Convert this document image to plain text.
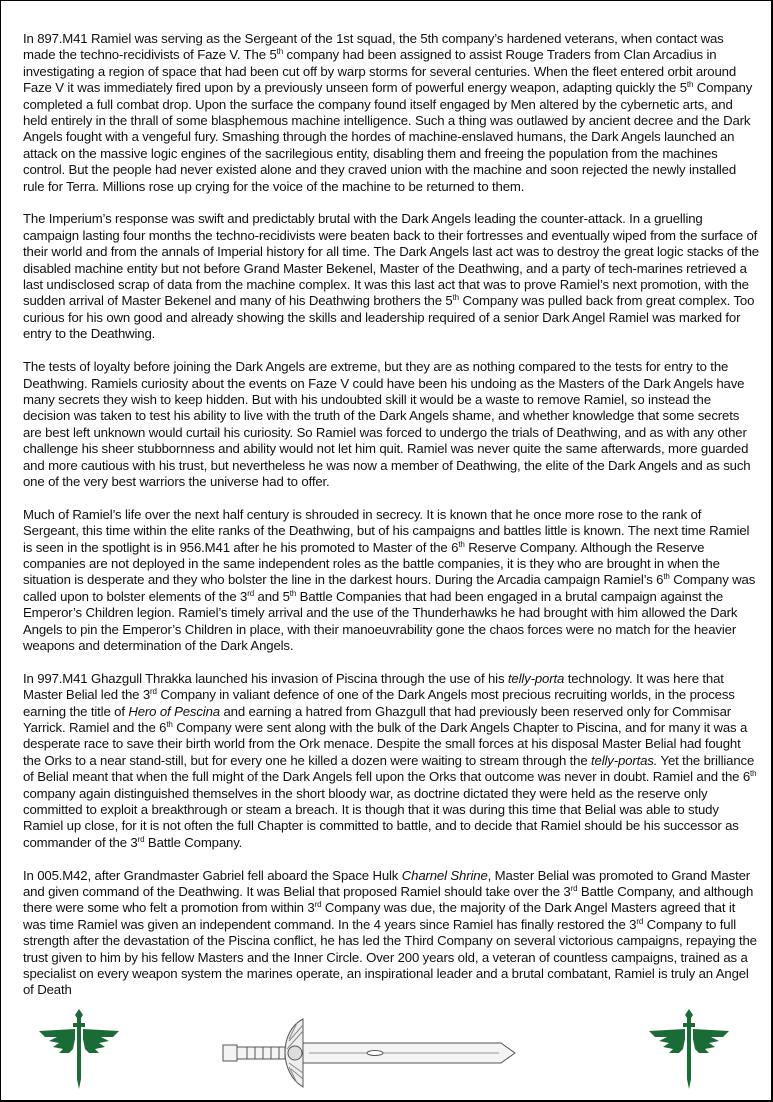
In 897.M41 Ramiel was serving as the Sergeant of the 1st squad, the 5th company’s hardened veterans, when contact was made the techno-recidivists of Faze V. The 5th company had been assigned to assist Rouge Traders from Clan Arcadius in investigating a region of space that had been cut off by warp storms for several centuries. When the fleet entered orbit around Faze V it was immediately fired upon by a previously unseen form of powerful energy weapon, adapting quickly the 5th Company completed a full combat drop. Upon the surface the company found itself engaged by Men altered by the cybernetic arts, and held entirely in the thrall of some blasphemous machine intelligence. Such a thing was outlawed by ancient decree and the Dark Angels fought with a vengeful fury. Smashing through the hordes of machine-enslaved humans, the Dark Angels launched an attack on the massive logic engines of the sacrilegious entity, disabling them and freeing the population from the machines control. But the people had never existed alone and they craved union with the machine and soon rejected the newly installed rule for Terra. Millions rose up crying for the voice of the machine to be returned to them.

The Imperium’s response was swift and predictably brutal with the Dark Angels leading the counter-attack. In a gruelling campaign lasting four months the techno-recidivists were beaten back to their fortresses and eventually wiped from the surface of their world and from the annals of Imperial history for all time. The Dark Angels last act was to destroy the great logic stacks of the disabled machine entity but not before Grand Master Bekenel, Master of the Deathwing, and a party of tech-marines retrieved a last undisclosed scrap of data from the machine complex. It was this last act that was to prove Ramiel’s next promotion, with the sudden arrival of Master Bekenel and many of his Deathwing brothers the 5th Company was pulled back from great complex. Too curious for his own good and already showing the skills and leadership required of a senior Dark Angel Ramiel was marked for entry to the Deathwing.

The tests of loyalty before joining the Dark Angels are extreme, but they are as nothing compared to the tests for entry to the Deathwing. Ramiels curiosity about the events on Faze V could have been his undoing as the Masters of the Dark Angels have many secrets they wish to keep hidden. But with his undoubted skill it would be a waste to remove Ramiel, so instead the decision was taken to test his ability to live with the truth of the Dark Angels shame, and whether knowledge that some secrets are best left unknown would curtail his curiosity. So Ramiel was forced to undergo the trials of Deathwing, and as with any other challenge his sheer stubbornness and ability would not let him quit. Ramiel was never quite the same afterwards, more guarded and more cautious with his trust, but nevertheless he was now a member of Deathwing, the elite of the Dark Angels and as such one of the very best warriors the universe had to offer.

Much of Ramiel’s life over the next half century is shrouded in secrecy. It is known that he once more rose to the rank of Sergeant, this time within the elite ranks of the Deathwing, but of his campaigns and battles little is known. The next time Ramiel is seen in the spotlight is in 956.M41 after he his promoted to Master of the 6th Reserve Company. Although the Reserve companies are not deployed in the same independent roles as the battle companies, it is they who are brought in when the situation is desperate and they who bolster the line in the darkest hours. During the Arcadia campaign Ramiel’s 6th Company was called upon to bolster elements of the 3rd and 5th Battle Companies that had been engaged in a brutal campaign against the Emperor’s Children legion. Ramiel’s timely arrival and the use of the Thunderhawks he had brought with him allowed the Dark Angels to pin the Emperor’s Children in place, with their manoeuvrability gone the chaos forces were no match for the heavier weapons and determination of the Dark Angels.

In 997.M41 Ghazgull Thrakka launched his invasion of Piscina through the use of his telly-porta technology. It was here that Master Belial led the 3rd Company in valiant defence of one of the Dark Angels most precious recruiting worlds, in the process earning the title of Hero of Pescina and earning a hatred from Ghazgull that had previously been reserved only for Commisar Yarrick. Ramiel and the 6th Company were sent along with the bulk of the Dark Angels Chapter to Piscina, and for many it was a desperate race to save their birth world from the Ork menace. Despite the small forces at his disposal Master Belial had fought the Orks to a near stand-still, but for every one he killed a dozen were waiting to stream through the telly-portas. Yet the brilliance of Belial meant that when the full might of the Dark Angels fell upon the Orks that outcome was never in doubt. Ramiel and the 6th company again distinguished themselves in the short bloody war, as doctrine dictated they were held as the reserve only committed to exploit a breakthrough or steam a breach. It is though that it was during this time that Belial was able to study Ramiel up close, for it is not often the full Chapter is committed to battle, and to decide that Ramiel should be his successor as commander of the 3rd Battle Company.

In 005.M42, after Grandmaster Gabriel fell aboard the Space Hulk Charnel Shrine, Master Belial was promoted to Grand Master and given command of the Deathwing. It was Belial that proposed Ramiel should take over the 3rd Battle Company, and although there were some who felt a promotion from within 3rd Company was due, the majority of the Dark Angel Masters agreed that it was time Ramiel was given an independent command. In the 4 years since Ramiel has finally restored the 3rd Company to full strength after the devastation of the Piscina conflict, he has led the Third Company on several victorious campaigns, repaying the trust given to him by his fellow Masters and the Inner Circle. Over 200 years old, a veteran of countless campaigns, trained as a specialist on every weapon system the marines operate, an inspirational leader and a brutal combatant, Ramiel is truly an Angel of Death
